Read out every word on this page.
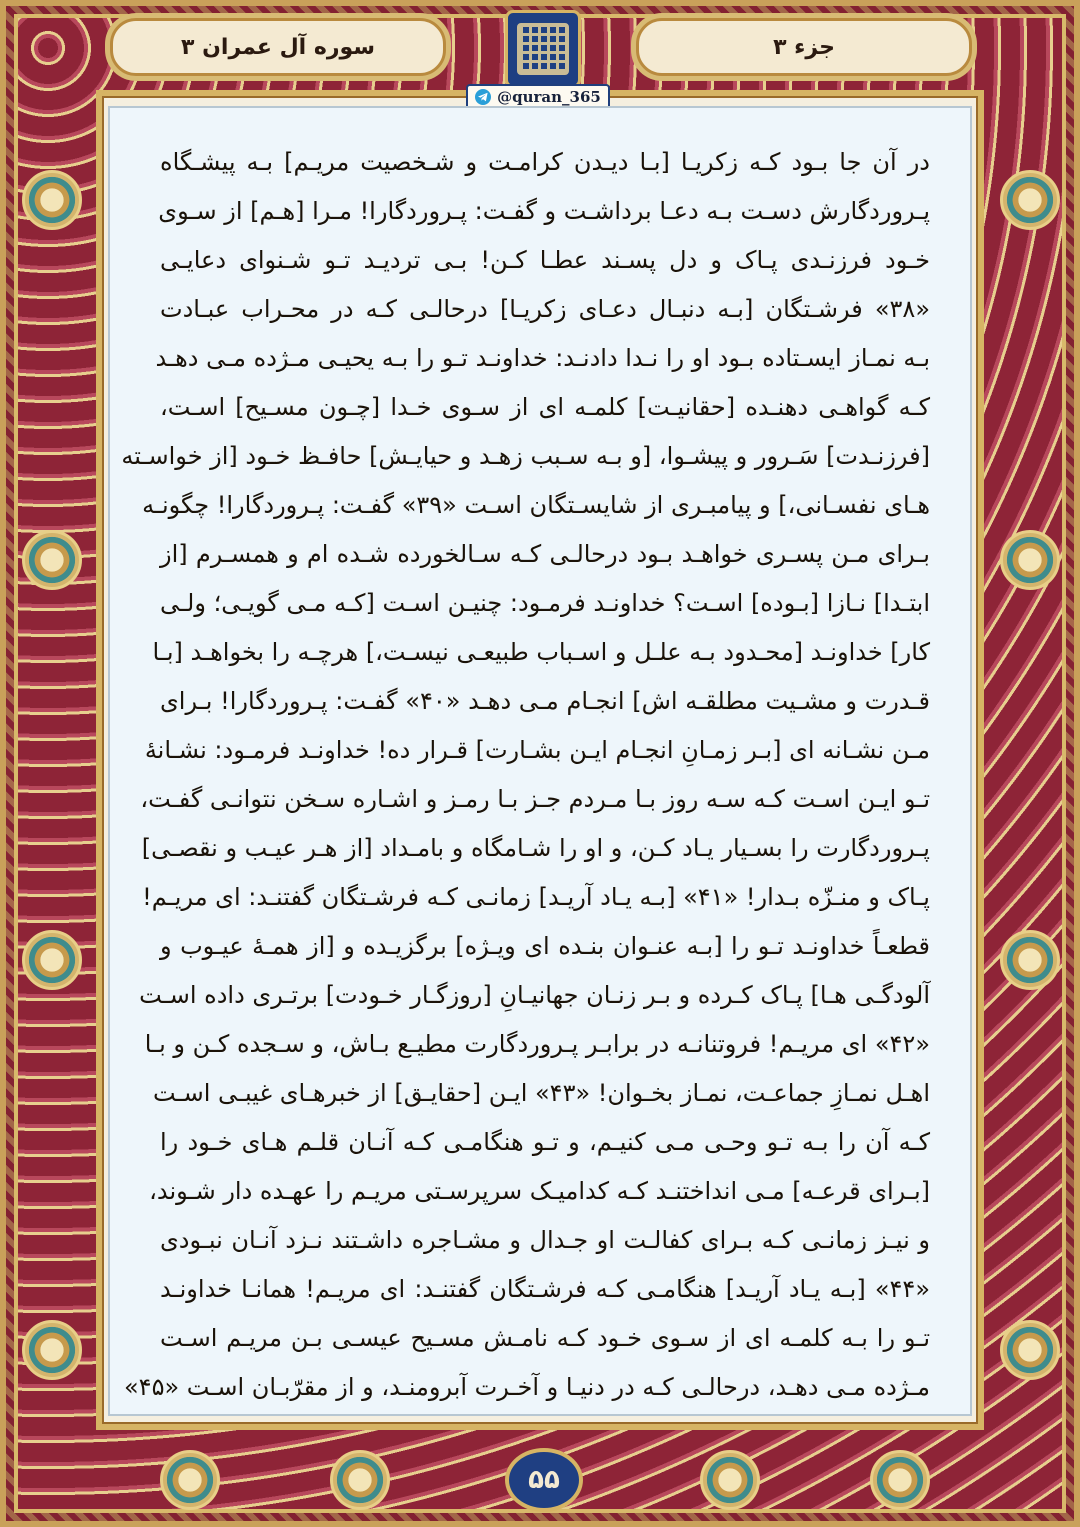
سوره آل عمران ۳	جزء ۳
@quran_365
در آن جا بـود کـه زکریـا [بـا دیـدن کرامـت و شـخصیت مریـم] بـه پیشـگاه
پـروردگارش دسـت بـه دعـا برداشـت و گفـت: پـروردگارا! مـرا [هـم] از سـوی
خـود فرزنـدی پـاک و دل پسـند عطـا کـن! بـی تردیـد تـو شـنوای دعایـی
«۳۸» فرشـتگان [بـه دنبـال دعـای زکریـا] درحالـی کـه در محـراب عبـادت
بـه نمـاز ایسـتاده بـود او را نـدا دادنـد: خداونـد تـو را بـه یحیـی مـژده مـی دهـد
کـه گواهـی دهنـده [حقانیـت] کلمـه ای از سـوی خـدا [چـون مسـیح] اسـت،
[فرزنـدت] سَـرور و پیشـوا، [و بـه سـبب زهـد و حیایـش] حافـظ خـود [از خواسـته
هـای نفسـانی،] و پیامبـری از شایسـتگان اسـت «۳۹» گفـت: پـروردگارا! چگونـه
بـرای مـن پسـری خواهـد بـود درحالـی کـه سـالخورده شـده ام و همسـرم [از
ابتـدا] نـازا [بـوده] اسـت؟ خداونـد فرمـود: چنیـن اسـت [کـه مـی گویـی؛ ولـی
کار] خداونـد [محـدود بـه علـل و اسـباب طبیعـی نیسـت،] هرچـه را بخواهـد [بـا
قـدرت و مشـیت مطلقـه اش] انجـام مـی دهـد «۴۰» گفـت: پـروردگارا! بـرای
مـن نشـانه ای [بـر زمـانِ انجـام ایـن بشـارت] قـرار ده! خداونـد فرمـود: نشـانۀ
تـو ایـن اسـت کـه سـه روز بـا مـردم جـز بـا رمـز و اشـاره سـخن نتوانـی گفـت،
پـروردگارت را بسـیار یـاد کـن، و او را شـامگاه و بامـداد [از هـر عیـب و نقصـی]
پـاک و منـزّه بـدار! «۴۱» [بـه یـاد آریـد] زمانـی کـه فرشـتگان گفتنـد: ای مریـم!
قطعـاً خداونـد تـو را [بـه عنـوان بنـده ای ویـژه] برگزیـده و [از همـۀ عیـوب و
آلودگـی هـا] پـاک کـرده و بـر زنـان جهانیـانِ [روزگـار خـودت] برتـری داده اسـت
«۴۲» ای مریـم! فروتنانـه در برابـر پـروردگارت مطیـع بـاش، و سـجده کـن و بـا
اهـل نمـازِ جماعـت، نمـاز بخـوان! «۴۳» ایـن [حقایـق] از خبرهـای غیبـی اسـت
کـه آن را بـه تـو وحـی مـی کنیـم، و تـو هنگامـی کـه آنـان قلـم هـای خـود را
[بـرای قرعـه] مـی انداختنـد کـه کدامیـک سرپرسـتی مریـم را عهـده دار شـوند،
و نیـز زمانـی کـه بـرای کفالـت او جـدال و مشـاجره داشـتند نـزد آنـان نبـودی
«۴۴» [بـه یـاد آریـد] هنگامـی کـه فرشـتگان گفتنـد: ای مریـم! همانـا خداونـد
تـو را بـه کلمـه ای از سـوی خـود کـه نامـش مسـیح عیسـی بـن مریـم اسـت
مـژده مـی دهـد، درحالـی کـه در دنیـا و آخـرت آبرومنـد، و از مقرّبـان اسـت «۴۵»
۵۵
